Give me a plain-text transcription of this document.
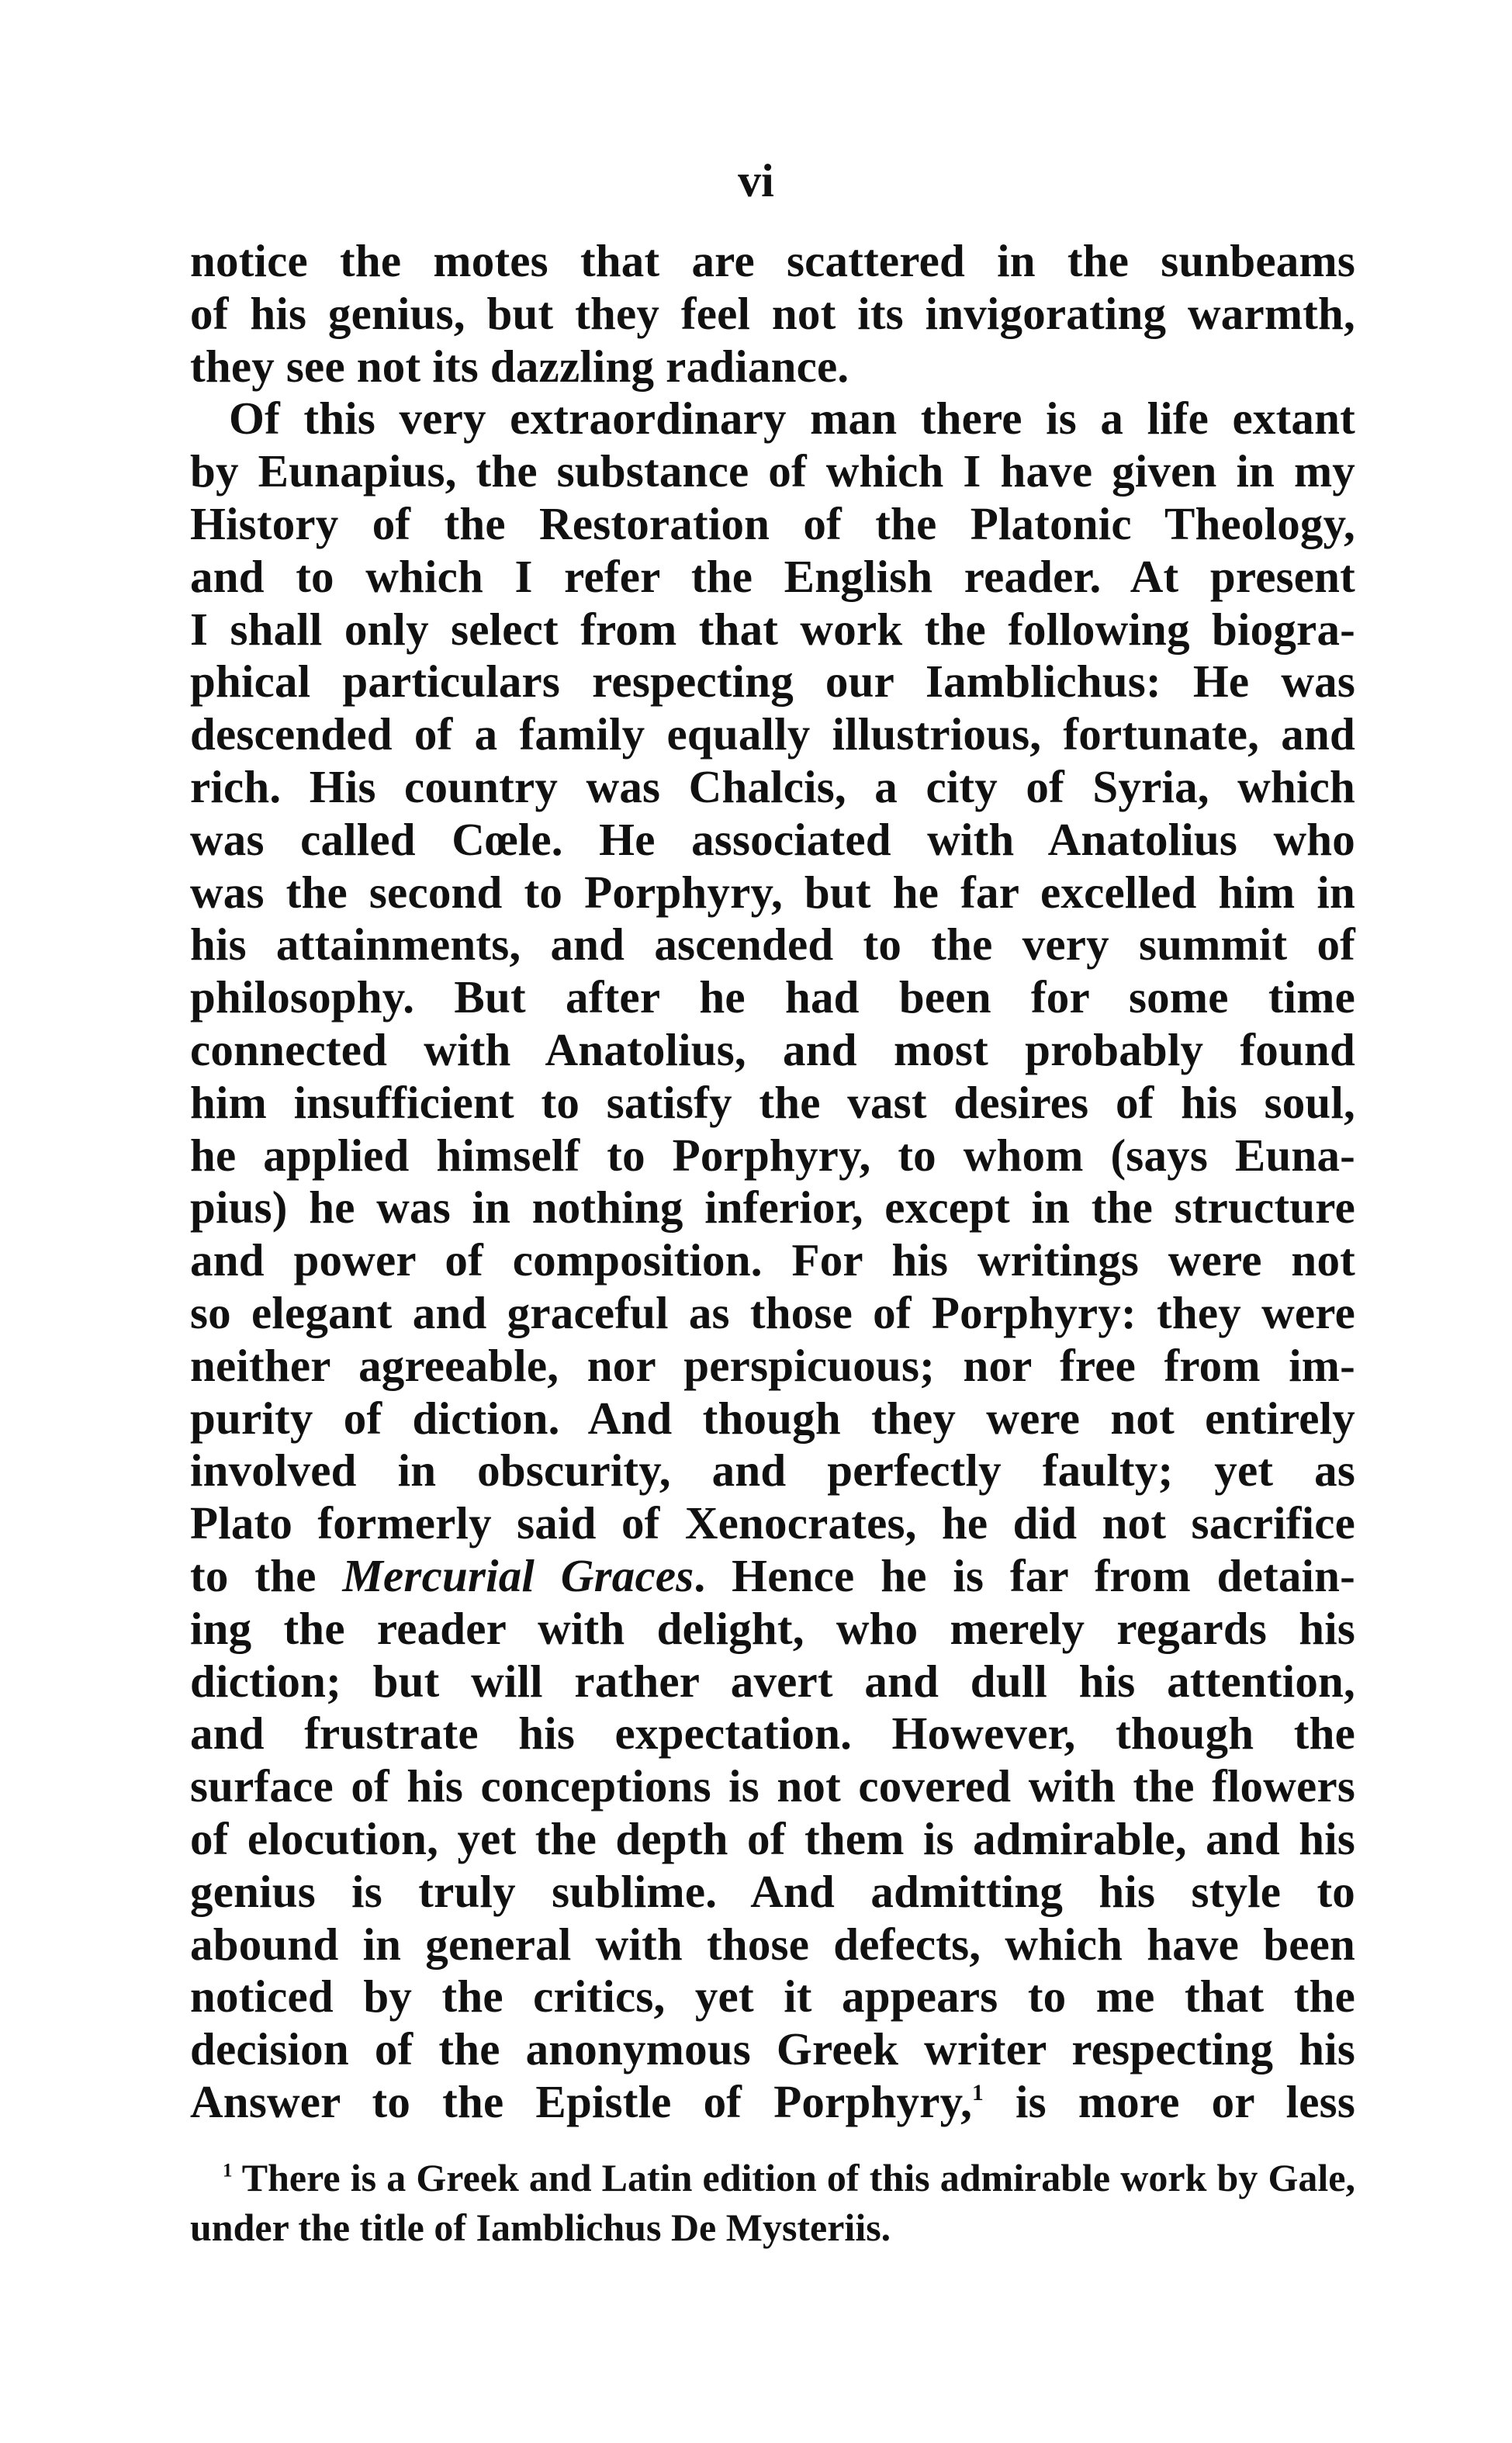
vi
notice the motes that are scattered in the sunbeams
of his genius, but they feel not its invigorating warmth,
they see not its dazzling radiance.
Of this very extraordinary man there is a life extant
by Eunapius, the substance of which I have given in my
History of the Restoration of the Platonic Theology,
and to which I refer the English reader. At present
I shall only select from that work the following biogra-
phical particulars respecting our Iamblichus: He was
descended of a family equally illustrious, fortunate, and
rich. His country was Chalcis, a city of Syria, which
was called Cœle. He associated with Anatolius who
was the second to Porphyry, but he far excelled him in
his attainments, and ascended to the very summit of
philosophy. But after he had been for some time
connected with Anatolius, and most probably found
him insufficient to satisfy the vast desires of his soul,
he applied himself to Porphyry, to whom (says Euna-
pius) he was in nothing inferior, except in the structure
and power of composition. For his writings were not
so elegant and graceful as those of Porphyry: they were
neither agreeable, nor perspicuous; nor free from im-
purity of diction. And though they were not entirely
involved in obscurity, and perfectly faulty; yet as
Plato formerly said of Xenocrates, he did not sacrifice
to the Mercurial Graces. Hence he is far from detain-
ing the reader with delight, who merely regards his
diction; but will rather avert and dull his attention,
and frustrate his expectation. However, though the
surface of his conceptions is not covered with the flowers
of elocution, yet the depth of them is admirable, and his
genius is truly sublime. And admitting his style to
abound in general with those defects, which have been
noticed by the critics, yet it appears to me that the
decision of the anonymous Greek writer respecting his
Answer to the Epistle of Porphyry,$^1$ is more or less
$^1$ There is a Greek and Latin edition of this admirable work by Gale,
under the title of Iamblichus De Mysteriis.
